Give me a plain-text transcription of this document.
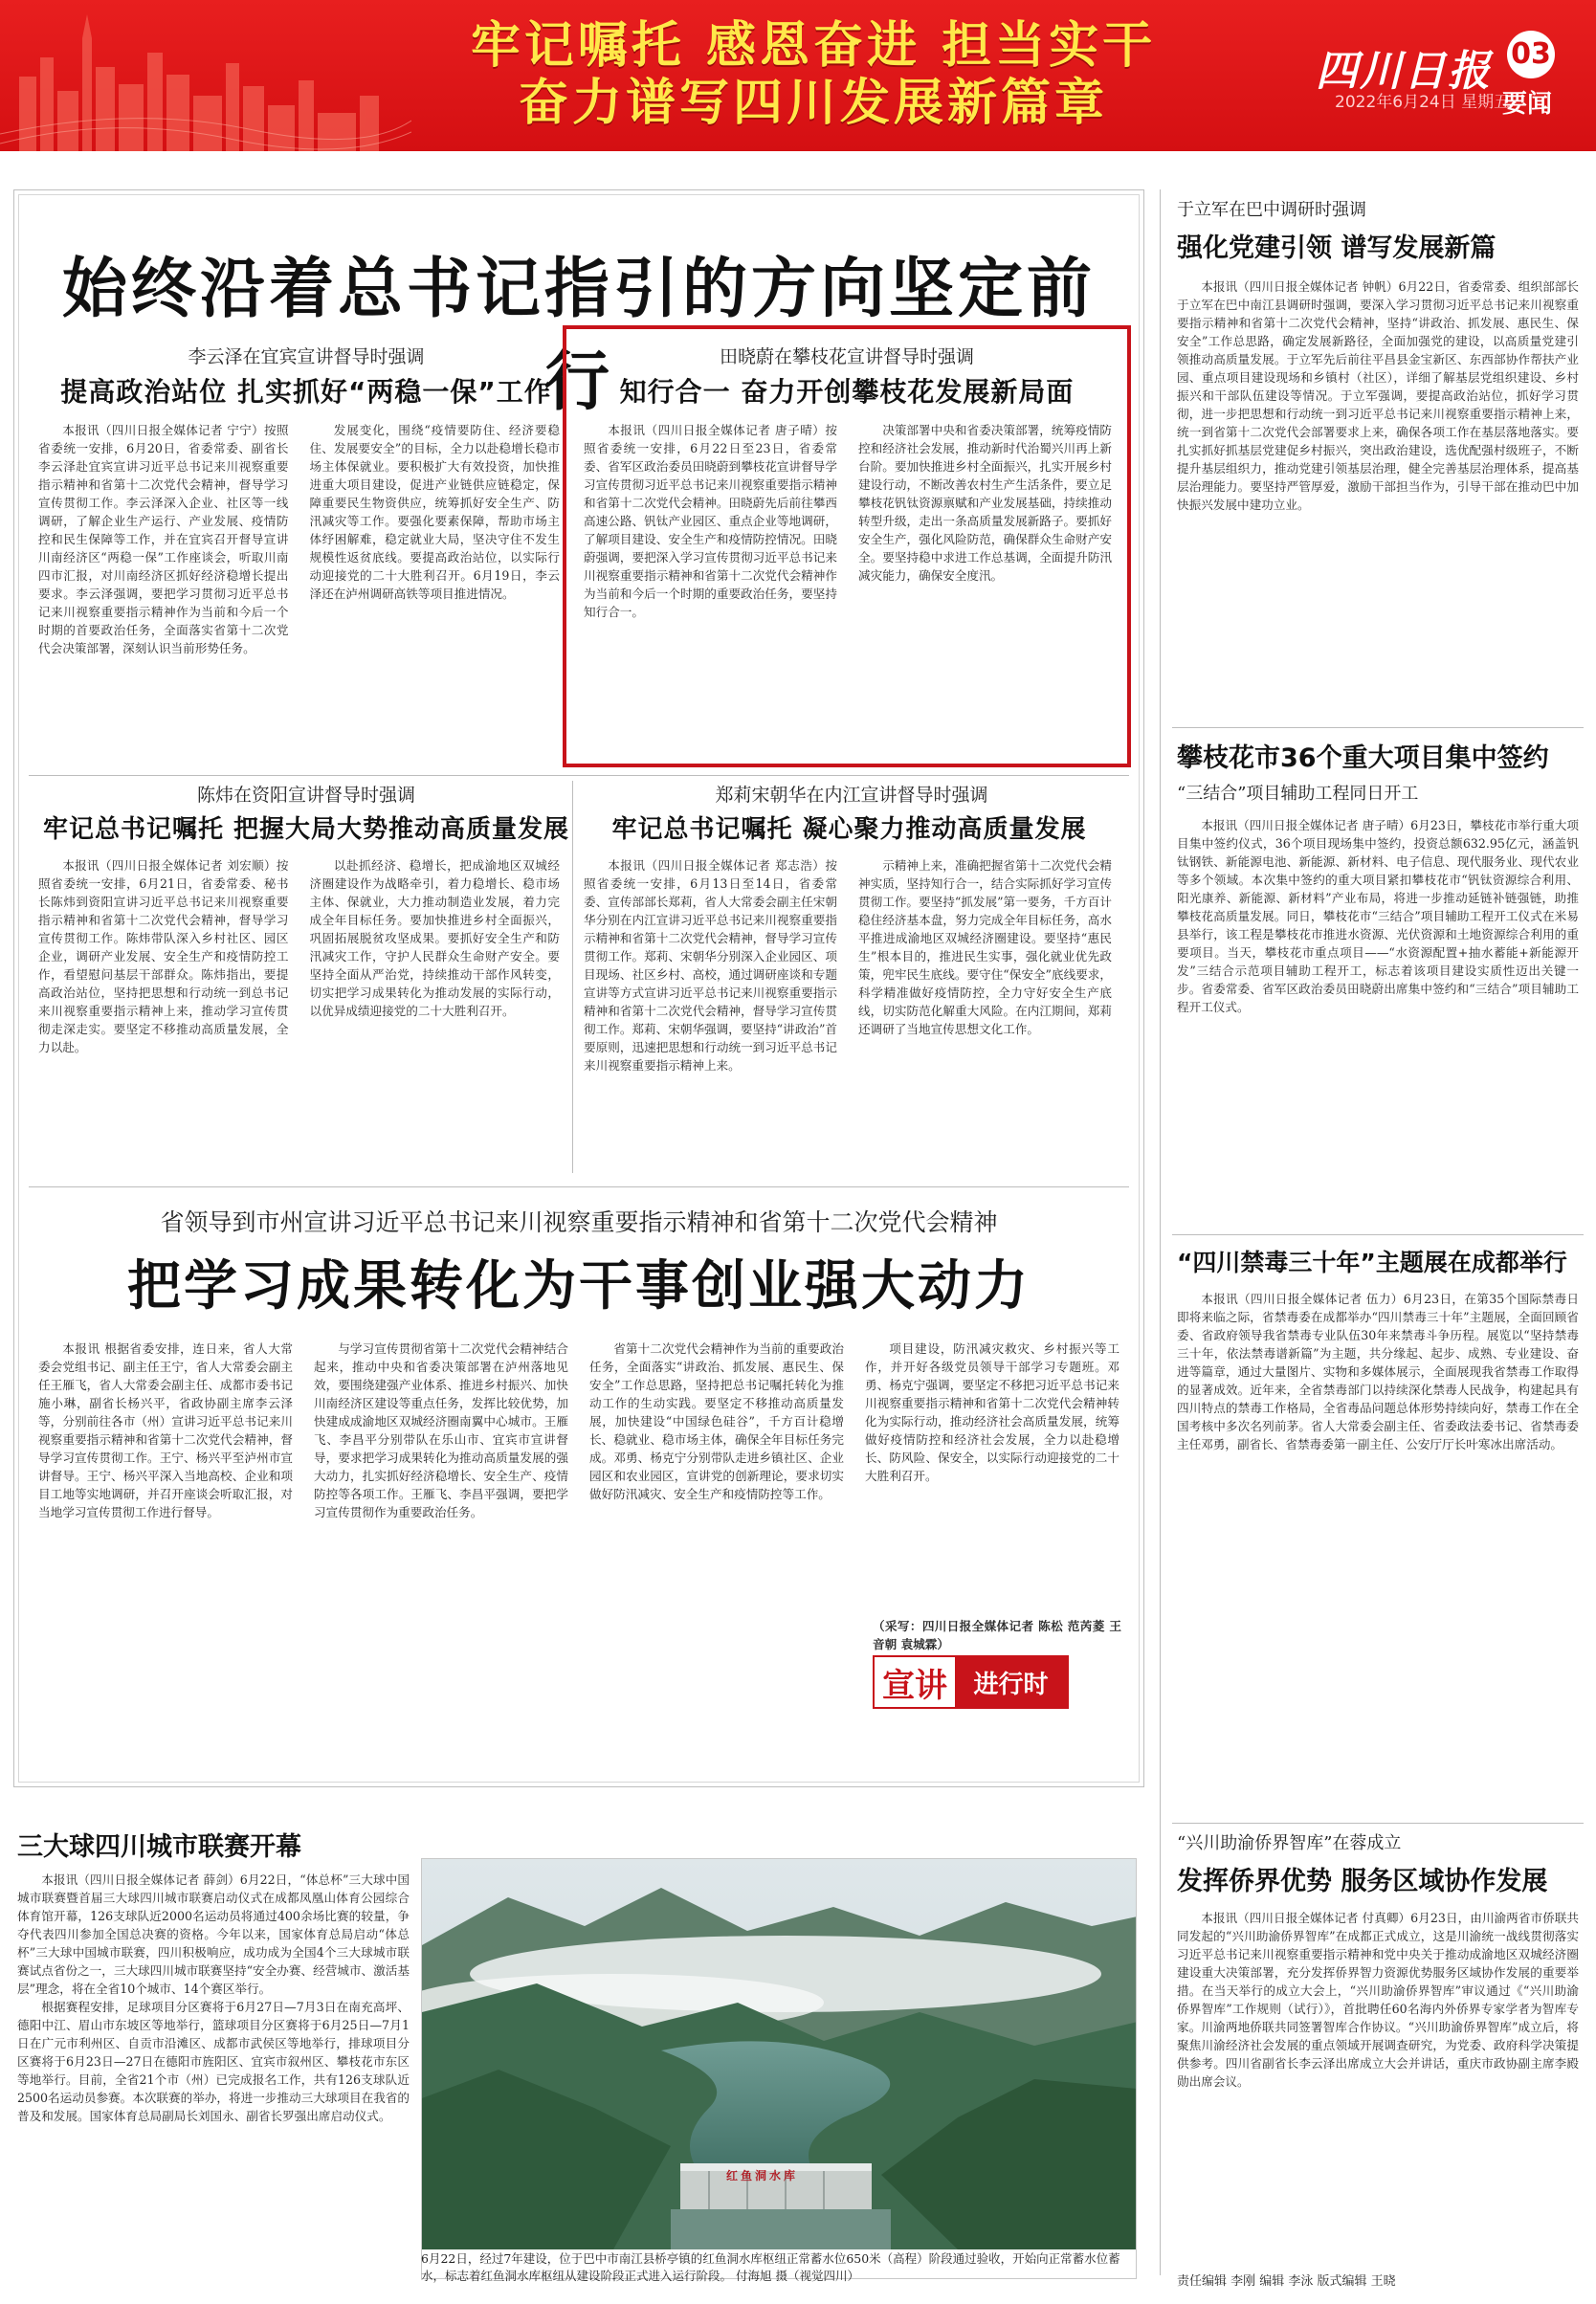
牢记嘱托 感恩奋进 担当实干
奋力谱写四川发展新篇章
四川日报 03
2022年6月24日 星期五
要闻
始终沿着总书记指引的方向坚定前行
李云泽在宜宾宣讲督导时强调
提高政治站位 扎实抓好“两稳一保”工作

本报讯（四川日报全媒体记者 宁宁）按照省委统一安排，6月20日，省委常委、副省长李云泽赴宜宾宣讲习近平总书记来川视察重要指示精神和省第十二次党代会精神，督导学习宣传贯彻工作。李云泽深入企业、社区等一线调研，了解企业生产运行、产业发展、疫情防控和民生保障等工作，并在宜宾召开督导宣讲川南经济区“两稳一保”工作座谈会，听取川南四市汇报，对川南经济区抓好经济稳增长提出要求。李云泽强调，要把学习贯彻习近平总书记来川视察重要指示精神作为当前和今后一个时期的首要政治任务，全面落实省第十二次党代会决策部署，深刻认识当前形势任务。

发展变化，围绕“疫情要防住、经济要稳住、发展要安全”的目标，全力以赴稳增长稳市场主体保就业。要积极扩大有效投资，加快推进重大项目建设，促进产业链供应链稳定，保障重要民生物资供应，统筹抓好安全生产、防汛减灾等工作。要强化要素保障，帮助市场主体纾困解难，稳定就业大局，坚决守住不发生规模性返贫底线。要提高政治站位，以实际行动迎接党的二十大胜利召开。6月19日，李云泽还在泸州调研高铁等项目推进情况。

田晓蔚在攀枝花宣讲督导时强调
知行合一 奋力开创攀枝花发展新局面

本报讯（四川日报全媒体记者 唐子晴）按照省委统一安排，6月22日至23日，省委常委、省军区政治委员田晓蔚到攀枝花宣讲督导学习宣传贯彻习近平总书记来川视察重要指示精神和省第十二次党代会精神。田晓蔚先后前往攀西高速公路、钒钛产业园区、重点企业等地调研，了解项目建设、安全生产和疫情防控情况。田晓蔚强调，要把深入学习宣传贯彻习近平总书记来川视察重要指示精神和省第十二次党代会精神作为当前和今后一个时期的重要政治任务，要坚持知行合一。

决策部署中央和省委决策部署，统筹疫情防控和经济社会发展，推动新时代治蜀兴川再上新台阶。要加快推进乡村全面振兴，扎实开展乡村建设行动，不断改善农村生产生活条件，要立足攀枝花钒钛资源禀赋和产业发展基础，持续推动转型升级，走出一条高质量发展新路子。要抓好安全生产，强化风险防范，确保群众生命财产安全。要坚持稳中求进工作总基调，全面提升防汛减灾能力，确保安全度汛。

陈炜在资阳宣讲督导时强调
牢记总书记嘱托 把握大局大势推动高质量发展

本报讯（四川日报全媒体记者 刘宏顺）按照省委统一安排，6月21日，省委常委、秘书长陈炜到资阳宣讲习近平总书记来川视察重要指示精神和省第十二次党代会精神，督导学习宣传贯彻工作。陈炜带队深入乡村社区、园区企业，调研产业发展、安全生产和疫情防控工作，看望慰问基层干部群众。陈炜指出，要提高政治站位，坚持把思想和行动统一到总书记来川视察重要指示精神上来，推动学习宣传贯彻走深走实。要坚定不移推动高质量发展，全力以赴。

以赴抓经济、稳增长，把成渝地区双城经济圈建设作为战略牵引，着力稳增长、稳市场主体、保就业，大力推动制造业发展，着力完成全年目标任务。要加快推进乡村全面振兴，巩固拓展脱贫攻坚成果。要抓好安全生产和防汛减灾工作，守护人民群众生命财产安全。要坚持全面从严治党，持续推动干部作风转变，切实把学习成果转化为推动发展的实际行动，以优异成绩迎接党的二十大胜利召开。

郑莉宋朝华在内江宣讲督导时强调
牢记总书记嘱托 凝心聚力推动高质量发展

本报讯（四川日报全媒体记者 郑志浩）按照省委统一安排，6月13日至14日，省委常委、宣传部部长郑莉，省人大常委会副主任宋朝华分别在内江宣讲习近平总书记来川视察重要指示精神和省第十二次党代会精神，督导学习宣传贯彻工作。郑莉、宋朝华分别深入企业园区、项目现场、社区乡村、高校，通过调研座谈和专题宣讲等方式宣讲习近平总书记来川视察重要指示精神和省第十二次党代会精神，督导学习宣传贯彻工作。郑莉、宋朝华强调，要坚持“讲政治”首要原则，迅速把思想和行动统一到习近平总书记来川视察重要指示精神上来。

示精神上来，准确把握省第十二次党代会精神实质，坚持知行合一，结合实际抓好学习宣传贯彻工作。要坚持“抓发展”第一要务，千方百计稳住经济基本盘，努力完成全年目标任务，高水平推进成渝地区双城经济圈建设。要坚持“惠民生”根本目的，推进民生实事，强化就业优先政策，兜牢民生底线。要守住“保安全”底线要求，科学精准做好疫情防控，全力守好安全生产底线，切实防范化解重大风险。在内江期间，郑莉还调研了当地宣传思想文化工作。

省领导到市州宣讲习近平总书记来川视察重要指示精神和省第十二次党代会精神
把学习成果转化为干事创业强大动力

本报讯 根据省委安排，连日来，省人大常委会党组书记、副主任王宁，省人大常委会副主任王雁飞，省人大常委会副主任、成都市委书记施小琳，副省长杨兴平，省政协副主席李云泽等，分别前往各市（州）宣讲习近平总书记来川视察重要指示精神和省第十二次党代会精神，督导学习宣传贯彻工作。王宁、杨兴平至泸州市宣讲督导。王宁、杨兴平深入当地高校、企业和项目工地等实地调研，并召开座谈会听取汇报，对当地学习宣传贯彻工作进行督导。

与学习宣传贯彻省第十二次党代会精神结合起来，推动中央和省委决策部署在泸州落地见效，要围绕建强产业体系、推进乡村振兴、加快川南经济区建设等重点任务，发挥比较优势，加快建成成渝地区双城经济圈南翼中心城市。王雁飞、李昌平分别带队在乐山市、宜宾市宣讲督导，要求把学习成果转化为推动高质量发展的强大动力，扎实抓好经济稳增长、安全生产、疫情防控等各项工作。王雁飞、李昌平强调，要把学习宣传贯彻作为重要政治任务。

省第十二次党代会精神作为当前的重要政治任务，全面落实“讲政治、抓发展、惠民生、保安全”工作总思路，坚持把总书记嘱托转化为推动工作的生动实践。要坚定不移推动高质量发展，加快建设“中国绿色硅谷”，千方百计稳增长、稳就业、稳市场主体，确保全年目标任务完成。邓勇、杨克宁分别带队走进乡镇社区、企业园区和农业园区，宣讲党的创新理论，要求切实做好防汛减灾、安全生产和疫情防控等工作。

项目建设，防汛减灾救灾、乡村振兴等工作，并开好各级党员领导干部学习专题班。邓勇、杨克宁强调，要坚定不移把习近平总书记来川视察重要指示精神和省第十二次党代会精神转化为实际行动，推动经济社会高质量发展，统筹做好疫情防控和经济社会发展，全力以赴稳增长、防风险、保安全，以实际行动迎接党的二十大胜利召开。

（采写：四川日报全媒体记者 陈松 范芮菱 王音朝 袁城霖）
宣讲	进行时
于立军在巴中调研时强调
强化党建引领 谱写发展新篇

本报讯（四川日报全媒体记者 钟帆）6月22日，省委常委、组织部部长于立军在巴中南江县调研时强调，要深入学习贯彻习近平总书记来川视察重要指示精神和省第十二次党代会精神，坚持“讲政治、抓发展、惠民生、保安全”工作总思路，确定发展新路径，全面加强党的建设，以高质量党建引领推动高质量发展。于立军先后前往平昌县金宝新区、东西部协作帮扶产业园、重点项目建设现场和乡镇村（社区），详细了解基层党组织建设、乡村振兴和干部队伍建设等情况。于立军强调，要提高政治站位，抓好学习贯彻，进一步把思想和行动统一到习近平总书记来川视察重要指示精神上来，统一到省第十二次党代会部署要求上来，确保各项工作在基层落地落实。要扎实抓好抓基层党建促乡村振兴，突出政治建设，选优配强村级班子，不断提升基层组织力，推动党建引领基层治理，健全完善基层治理体系，提高基层治理能力。要坚持严管厚爱，激励干部担当作为，引导干部在推动巴中加快振兴发展中建功立业。

攀枝花市36个重大项目集中签约
“三结合”项目辅助工程同日开工

本报讯（四川日报全媒体记者 唐子晴）6月23日，攀枝花市举行重大项目集中签约仪式，36个项目现场集中签约，投资总额632.95亿元，涵盖钒钛钢铁、新能源电池、新能源、新材料、电子信息、现代服务业、现代农业等多个领域。本次集中签约的重大项目紧扣攀枝花市“钒钛资源综合利用、阳光康养、新能源、新材料”产业布局，将进一步推动延链补链强链，助推攀枝花高质量发展。同日，攀枝花市“三结合”项目辅助工程开工仪式在米易县举行，该工程是攀枝花市推进水资源、光伏资源和土地资源综合利用的重要项目。当天，攀枝花市重点项目——“水资源配置+抽水蓄能+新能源开发”三结合示范项目辅助工程开工，标志着该项目建设实质性迈出关键一步。省委常委、省军区政治委员田晓蔚出席集中签约和“三结合”项目辅助工程开工仪式。

“四川禁毒三十年”主题展在成都举行

本报讯（四川日报全媒体记者 伍力）6月23日，在第35个国际禁毒日即将来临之际，省禁毒委在成都举办“四川禁毒三十年”主题展，全面回顾省委、省政府领导我省禁毒专业队伍30年来禁毒斗争历程。展览以“坚持禁毒三十年，依法禁毒谱新篇”为主题，共分缘起、起步、成熟、专业建设、奋进等篇章，通过大量图片、实物和多媒体展示，全面展现我省禁毒工作取得的显著成效。近年来，全省禁毒部门以持续深化禁毒人民战争，构建起具有四川特点的禁毒工作格局，全省毒品问题总体形势持续向好，禁毒工作在全国考核中多次名列前茅。省人大常委会副主任、省委政法委书记、省禁毒委主任邓勇，副省长、省禁毒委第一副主任、公安厅厅长叶寒冰出席活动。

“兴川助渝侨界智库”在蓉成立
发挥侨界优势 服务区域协作发展

本报讯（四川日报全媒体记者 付真卿）6月23日，由川渝两省市侨联共同发起的“兴川助渝侨界智库”在成都正式成立，这是川渝统一战线贯彻落实习近平总书记来川视察重要指示精神和党中央关于推动成渝地区双城经济圈建设重大决策部署，充分发挥侨界智力资源优势服务区域协作发展的重要举措。在当天举行的成立大会上，“兴川助渝侨界智库”审议通过《“兴川助渝侨界智库”工作规则（试行）》，首批聘任60名海内外侨界专家学者为智库专家。川渝两地侨联共同签署智库合作协议。“兴川助渝侨界智库”成立后，将聚焦川渝经济社会发展的重点领域开展调查研究，为党委、政府科学决策提供参考。四川省副省长李云泽出席成立大会并讲话，重庆市政协副主席李殿勋出席会议。

责任编辑 李刚 编辑 李泳 版式编辑 王晓
三大球四川城市联赛开幕

本报讯（四川日报全媒体记者 薛剑）6月22日，“体总杯”三大球中国城市联赛暨首届三大球四川城市联赛启动仪式在成都凤凰山体育公园综合体育馆开幕，126支球队近2000名运动员将通过400余场比赛的较量，争夺代表四川参加全国总决赛的资格。今年以来，国家体育总局启动“体总杯”三大球中国城市联赛，四川积极响应，成功成为全国4个三大球城市联赛试点省份之一，三大球四川城市联赛坚持“安全办赛、经营城市、激活基层”理念，将在全省10个城市、14个赛区举行。

根据赛程安排，足球项目分区赛将于6月27日—7月3日在南充高坪、德阳中江、眉山市东坡区等地举行，篮球项目分区赛将于6月25日—7月1日在广元市利州区、自贡市沿滩区、成都市武侯区等地举行，排球项目分区赛将于6月23日—27日在德阳市旌阳区、宜宾市叙州区、攀枝花市东区等地举行。目前，全省21个市（州）已完成报名工作，共有126支球队近2500名运动员参赛。本次联赛的举办，将进一步推动三大球项目在我省的普及和发展。国家体育总局副局长刘国永、副省长罗强出席启动仪式。

红鱼洞水库
6月22日，经过7年建设，位于巴中市南江县桥亭镇的红鱼洞水库枢纽正常蓄水位650米（高程）阶段通过验收，开始向正常蓄水位蓄水，标志着红鱼洞水库枢纽从建设阶段正式进入运行阶段。 付海旭 摄（视觉四川）
